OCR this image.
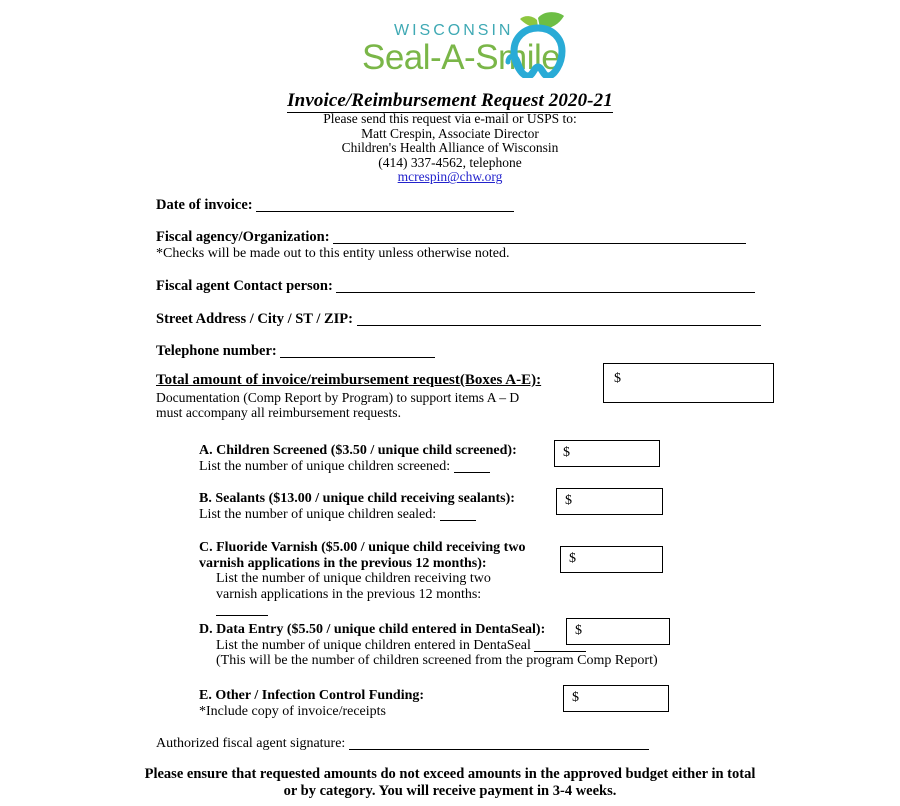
WISCONSIN
Seal-A-Smile
Invoice/Reimbursement Request 2020-21
Please send this request via e-mail or USPS to:
Matt Crespin, Associate Director
Children's Health Alliance of Wisconsin
(414) 337-4562, telephone
mcrespin@chw.org
Date of invoice:
Fiscal agency/Organization:
*Checks will be made out to this entity unless otherwise noted.
Fiscal agent Contact person:
Street Address / City / ST / ZIP:
Telephone number:
Total amount of invoice/reimbursement request(Boxes A-E):
Documentation (Comp Report by Program) to support items A – D
must accompany all reimbursement requests.
$
A. Children Screened ($3.50 / unique child screened):
List the number of unique children screened:
$
B. Sealants ($13.00 / unique child receiving sealants):
List the number of unique children sealed:
$
C. Fluoride Varnish ($5.00 / unique child receiving two varnish applications in the previous 12 months):
List the number of unique children receiving two varnish applications in the previous 12 months:
$
D. Data Entry ($5.50 / unique child entered in DentaSeal):
List the number of unique children entered in DentaSeal
(This will be the number of children screened from the program Comp Report)
$
E. Other / Infection Control Funding:
*Include copy of invoice/receipts
$
Authorized fiscal agent signature:
Please ensure that requested amounts do not exceed amounts in the approved budget either in total
or by category. You will receive payment in 3-4 weeks.
